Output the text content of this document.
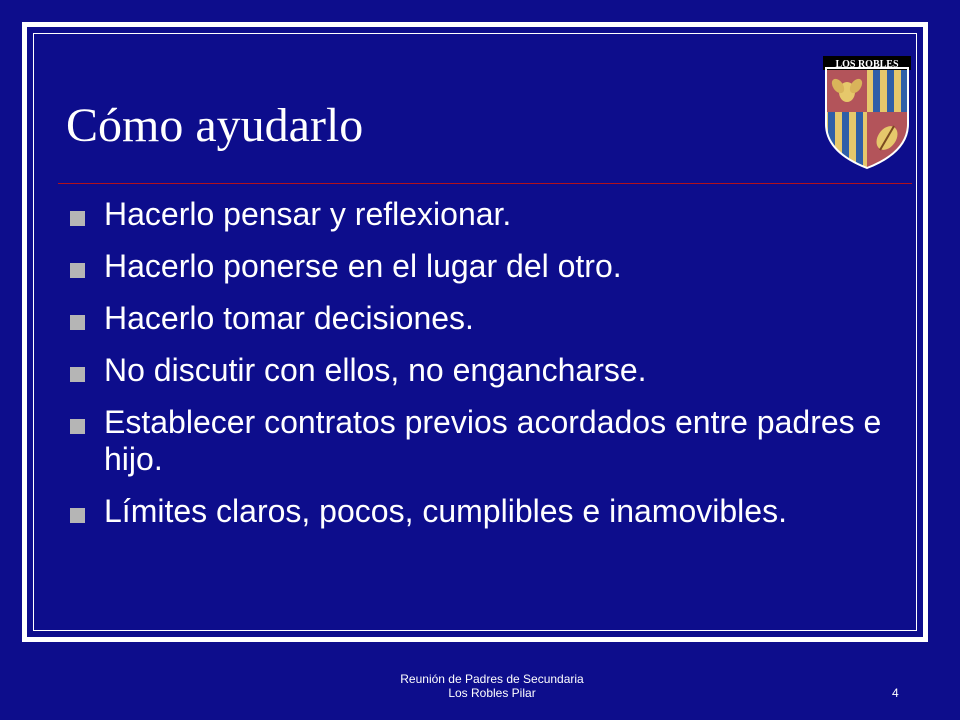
Cómo ayudarlo
LOS ROBLES
Hacerlo pensar y reflexionar.
Hacerlo ponerse en el lugar del otro.
Hacerlo tomar decisiones.
No discutir con ellos, no engancharse.
Establecer contratos previos acordados entre padres e hijo.
Límites claros, pocos, cumplibles e inamovibles.
Reunión de Padres de Secundaria
Los Robles Pilar	4
